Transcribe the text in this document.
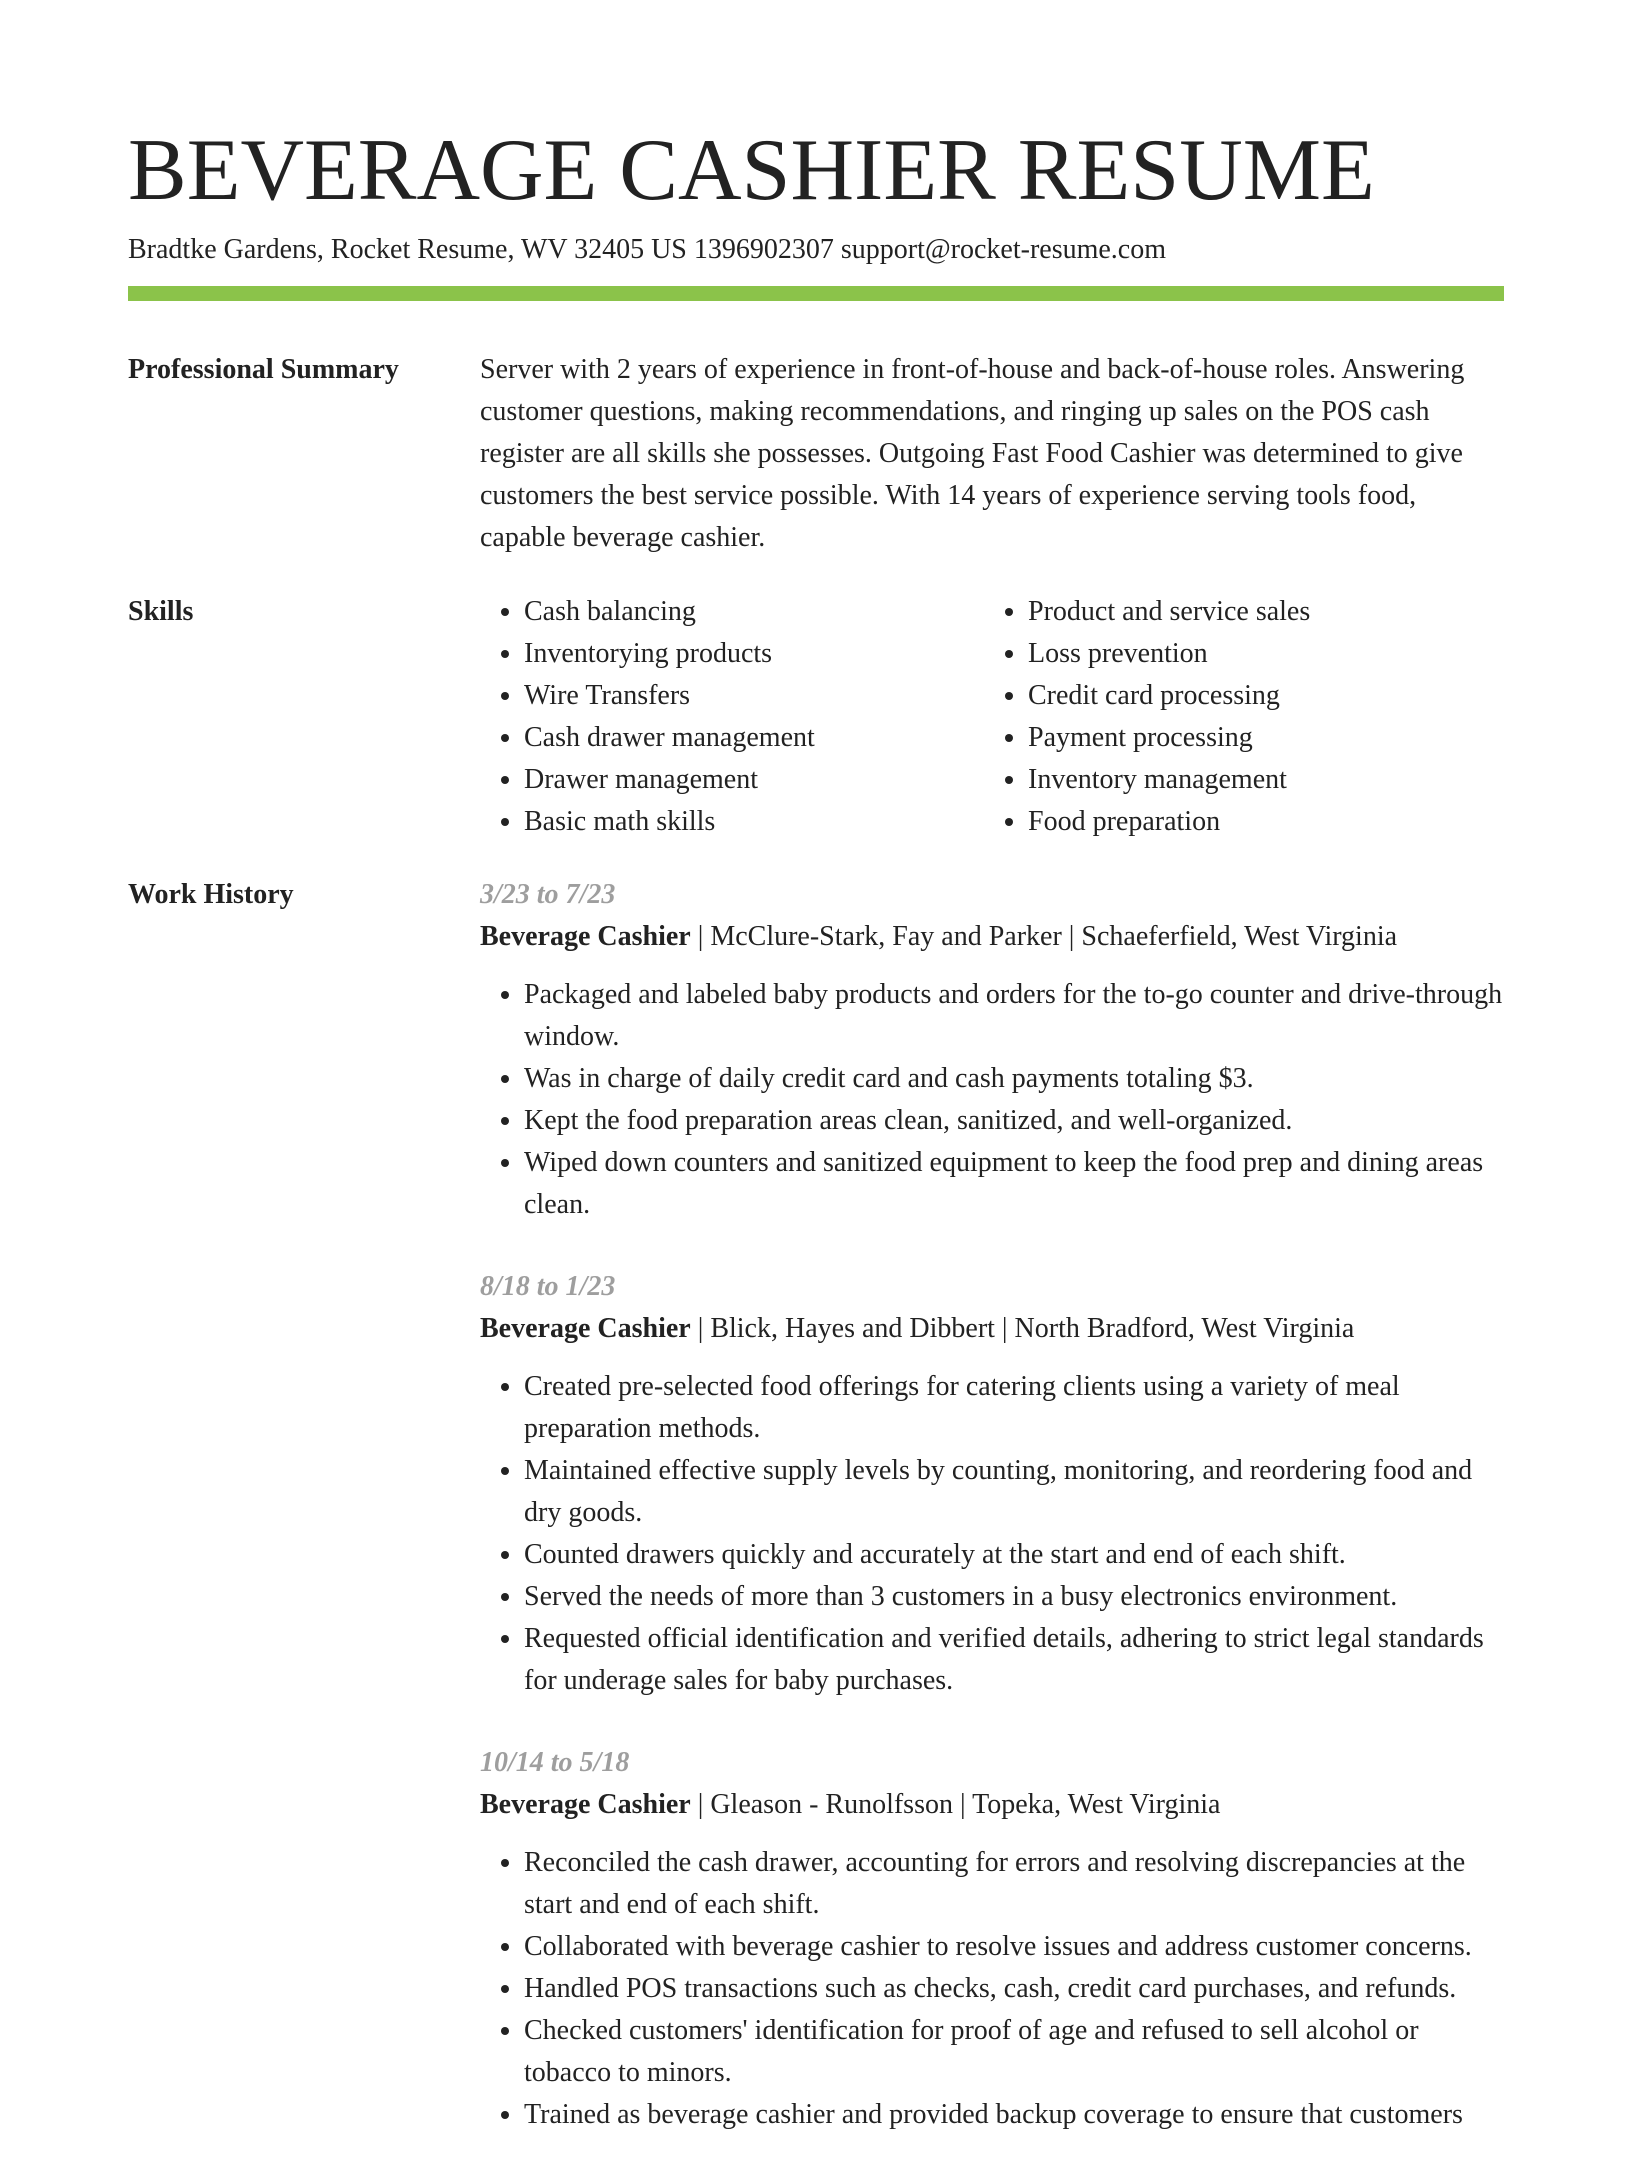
BEVERAGE CASHIER RESUME
Bradtke Gardens, Rocket Resume, WV 32405 US 1396902307 support@rocket-resume.com
Professional Summary	Server with 2 years of experience in front-of-house and back-of-house roles. Answering customer questions, making recommendations, and ringing up sales on the POS cash register are all skills she possesses. Outgoing Fast Food Cashier was determined to give customers the best service possible. With 14 years of experience serving tools food, capable beverage cashier.

Skills
•	Cash balancing
• Inventorying products
• Wire Transfers
• Cash drawer management
• Drawer management
• Basic math skills
• Product and service sales
• Loss prevention
• Credit card processing
• Payment processing
• Inventory management
• Food preparation
Work History	3/23 to 7/23
Beverage Cashier | McClure-Stark, Fay and Parker | Schaeferfield, West Virginia
• Packaged and labeled baby products and orders for the to-go counter and drive-through window.
• Was in charge of daily credit card and cash payments totaling $3.
• Kept the food preparation areas clean, sanitized, and well-organized.
• Wiped down counters and sanitized equipment to keep the food prep and dining areas clean.
8/18 to 1/23
Beverage Cashier | Blick, Hayes and Dibbert | North Bradford, West Virginia
• Created pre-selected food offerings for catering clients using a variety of meal preparation methods.
• Maintained effective supply levels by counting, monitoring, and reordering food and dry goods.
• Counted drawers quickly and accurately at the start and end of each shift.
• Served the needs of more than 3 customers in a busy electronics environment.
• Requested official identification and verified details, adhering to strict legal standards for underage sales for baby purchases.
10/14 to 5/18
Beverage Cashier | Gleason - Runolfsson | Topeka, West Virginia
• Reconciled the cash drawer, accounting for errors and resolving discrepancies at the start and end of each shift.
• Collaborated with beverage cashier to resolve issues and address customer concerns.
• Handled POS transactions such as checks, cash, credit card purchases, and refunds.
• Checked customers' identification for proof of age and refused to sell alcohol or tobacco to minors.
• Trained as beverage cashier and provided backup coverage to ensure that customers
